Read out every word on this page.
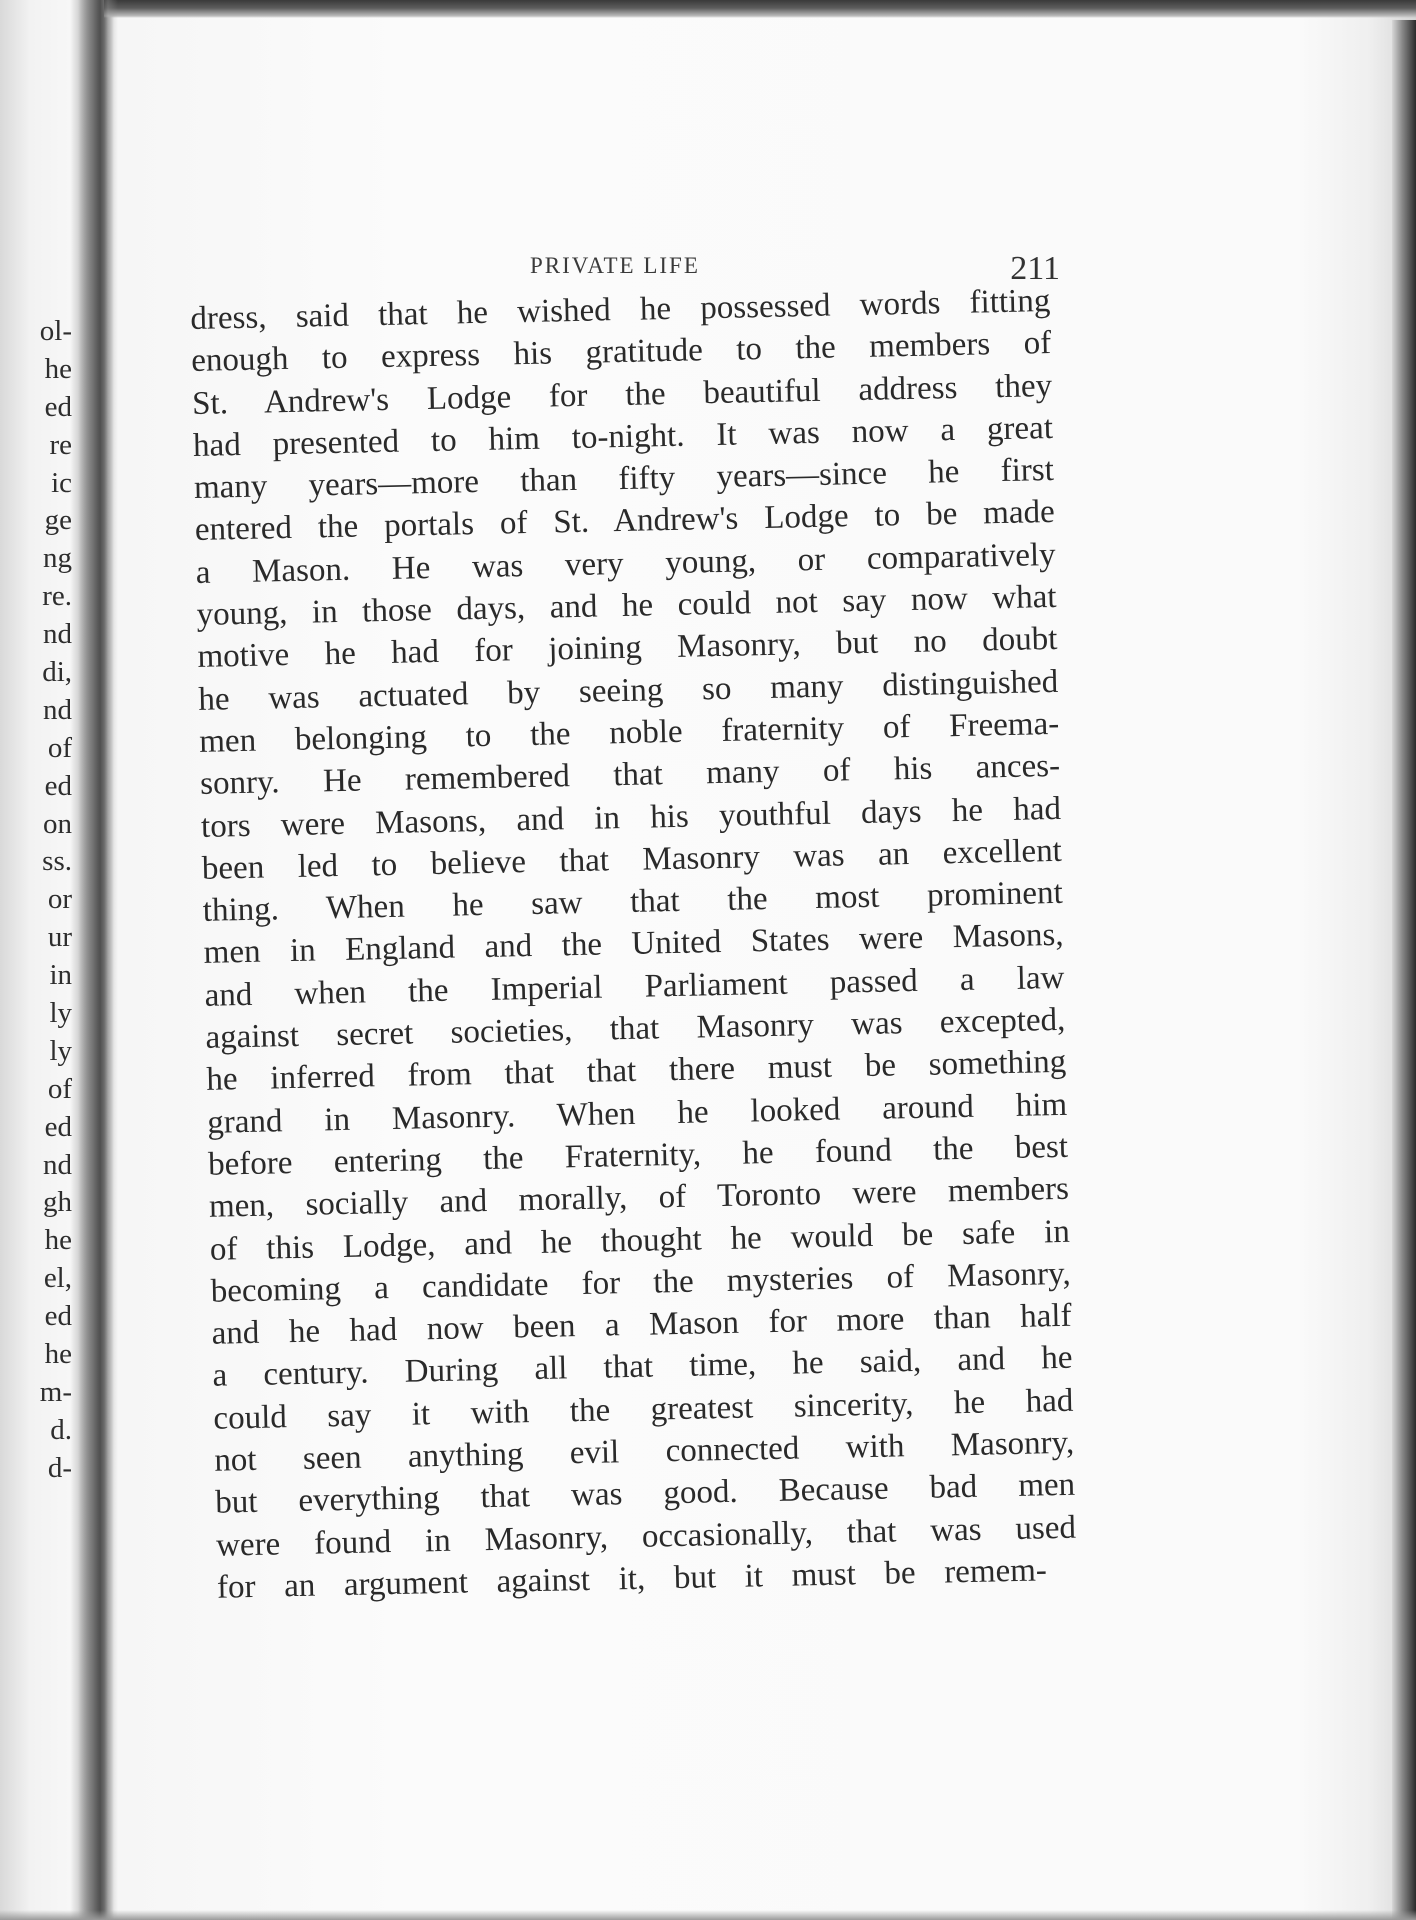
ol-
he
ed
re
ic
ge
ng
re.
nd
di,
nd
of
ed
on
ss.
or
ur
in
ly
ly
of
ed
nd
gh
he
el,
ed
he
m-
d.
d-
PRIVATE LIFE	211
dress, said that he wished he possessed words fitting
enough to express his gratitude to the members of
St. Andrew's Lodge for the beautiful address they
had presented to him to-night. It was now a great
many years—more than fifty years—since he first
entered the portals of St. Andrew's Lodge to be made
a Mason. He was very young, or comparatively
young, in those days, and he could not say now what
motive he had for joining Masonry, but no doubt
he was actuated by seeing so many distinguished
men belonging to the noble fraternity of Freema-
sonry. He remembered that many of his ances-
tors were Masons, and in his youthful days he had
been led to believe that Masonry was an excellent
thing. When he saw that the most prominent
men in England and the United States were Masons,
and when the Imperial Parliament passed a law
against secret societies, that Masonry was excepted,
he inferred from that that there must be something
grand in Masonry. When he looked around him
before entering the Fraternity, he found the best
men, socially and morally, of Toronto were members
of this Lodge, and he thought he would be safe in
becoming a candidate for the mysteries of Masonry,
and he had now been a Mason for more than half
a century. During all that time, he said, and he
could say it with the greatest sincerity, he had
not seen anything evil connected with Masonry,
but everything that was good. Because bad men
were found in Masonry, occasionally, that was used
for an argument against it, but it must be remem-
